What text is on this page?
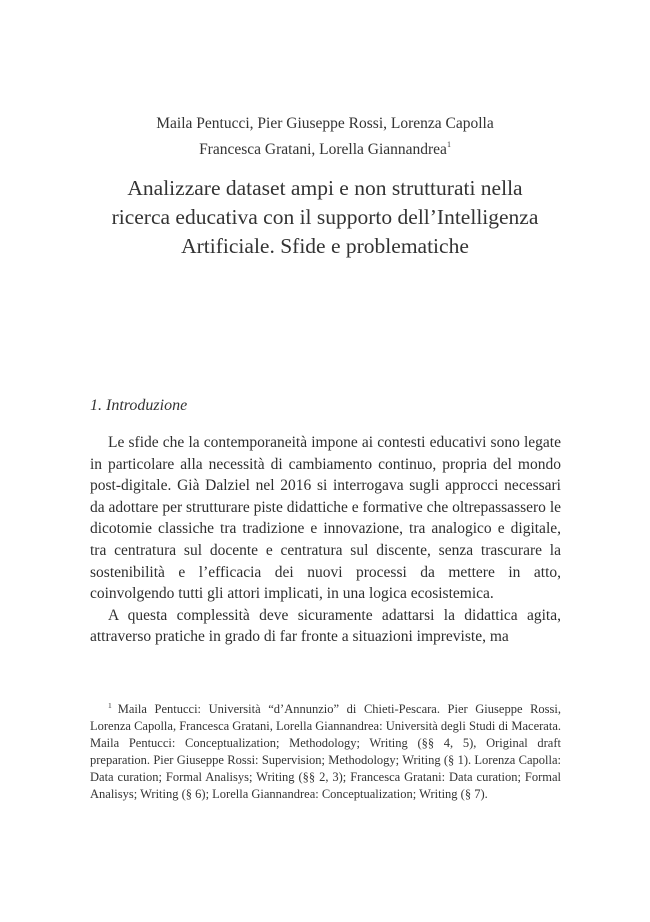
Maila Pentucci, Pier Giuseppe Rossi, Lorenza Capolla
Francesca Gratani, Lorella Giannandrea$^1$
Analizzare dataset ampi e non strutturati nella
ricerca educativa con il supporto dell’Intelligenza
Artificiale. Sfide e problematiche
1. Introduzione

Le sfide che la contemporaneità impone ai contesti educativi sono legate in particolare alla necessità di cambiamento continuo, propria del mondo post-digitale. Già Dalziel nel 2016 si interrogava sugli approcci necessari da adottare per strutturare piste didattiche e formative che oltrepassassero le dicotomie classiche tra tradizione e innovazione, tra analogico e digitale, tra centratura sul docente e centratura sul discente, senza trascurare la sostenibilità e l’efficacia dei nuovi processi da mettere in atto, coinvolgendo tutti gli attori implicati, in una logica ecosistemica.

A questa complessità deve sicuramente adattarsi la didattica agita, attraverso pratiche in grado di far fronte a situazioni impreviste, ma

$^1$ Maila Pentucci: Università “d’Annunzio” di Chieti-Pescara. Pier Giuseppe Rossi, Lorenza Capolla, Francesca Gratani, Lorella Giannandrea: Università degli Studi di Macerata. Maila Pentucci: Conceptualization; Methodology; Writing (§§ 4, 5), Original draft preparation. Pier Giuseppe Rossi: Supervision; Methodology; Writing (§ 1). Lorenza Capolla: Data curation; Formal Analisys; Writing (§§ 2, 3); Francesca Gratani: Data curation; Formal Analisys; Writing (§ 6); Lorella Giannandrea: Conceptualization; Writing (§ 7).
